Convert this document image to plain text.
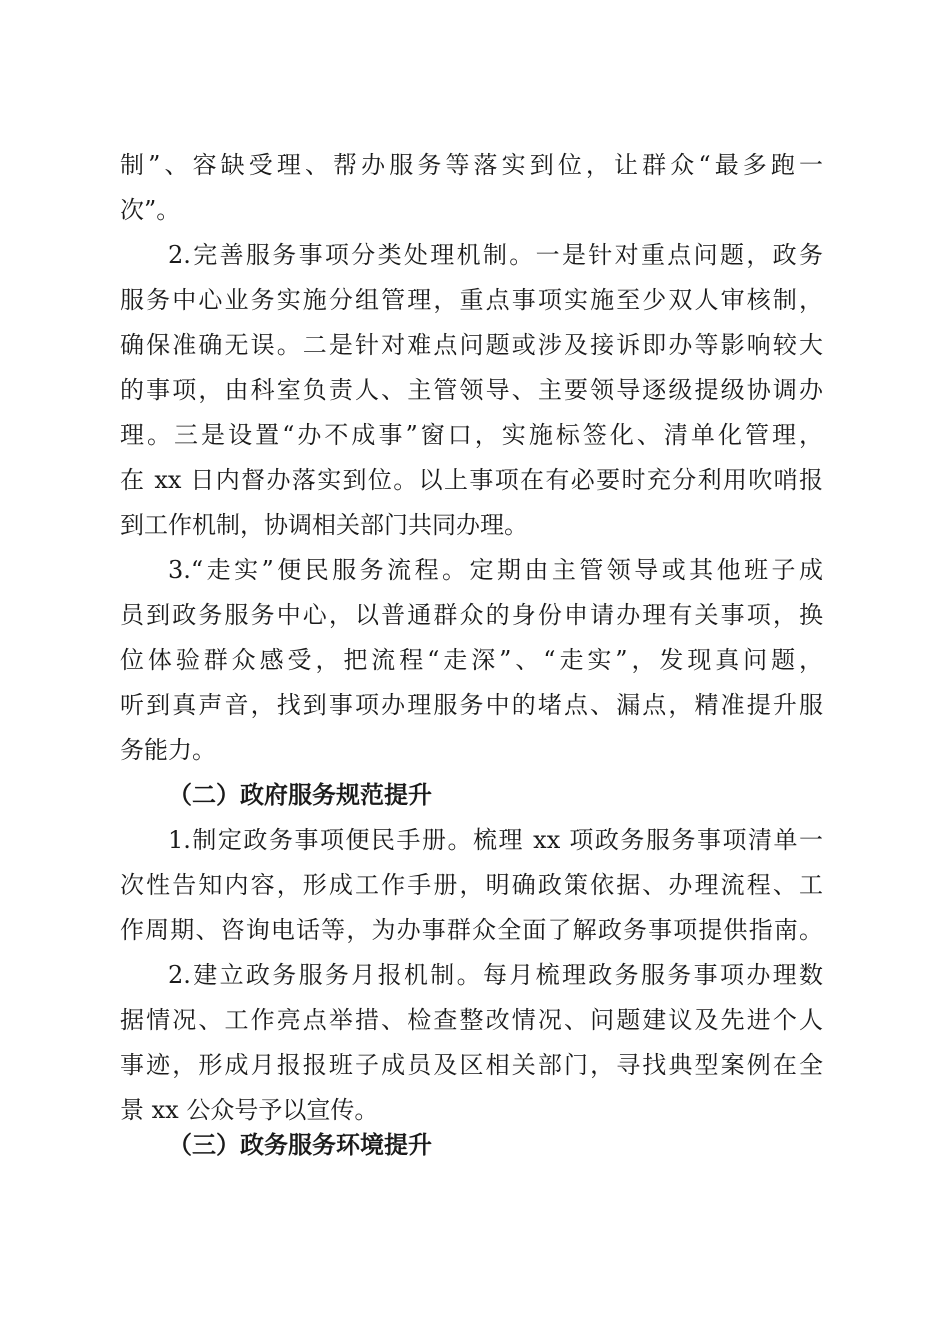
制”、容缺受理、帮办服务等落实到位，让群众“最多跑一
次”。
2.完善服务事项分类处理机制。一是针对重点问题，政务
服务中心业务实施分组管理，重点事项实施至少双人审核制，
确保准确无误。二是针对难点问题或涉及接诉即办等影响较大
的事项，由科室负责人、主管领导、主要领导逐级提级协调办
理。三是设置“办不成事”窗口，实施标签化、清单化管理，
在 xx 日内督办落实到位。以上事项在有必要时充分利用吹哨报
到工作机制，协调相关部门共同办理。
3.“走实”便民服务流程。定期由主管领导或其他班子成
员到政务服务中心，以普通群众的身份申请办理有关事项，换
位体验群众感受，把流程“走深”、“走实”，发现真问题，
听到真声音，找到事项办理服务中的堵点、漏点，精准提升服
务能力。
（二）政府服务规范提升
1.制定政务事项便民手册。梳理 xx 项政务服务事项清单一
次性告知内容，形成工作手册，明确政策依据、办理流程、工
作周期、咨询电话等，为办事群众全面了解政务事项提供指南。
2.建立政务服务月报机制。每月梳理政务服务事项办理数
据情况、工作亮点举措、检查整改情况、问题建议及先进个人
事迹，形成月报报班子成员及区相关部门，寻找典型案例在全
景 xx 公众号予以宣传。
（三）政务服务环境提升
